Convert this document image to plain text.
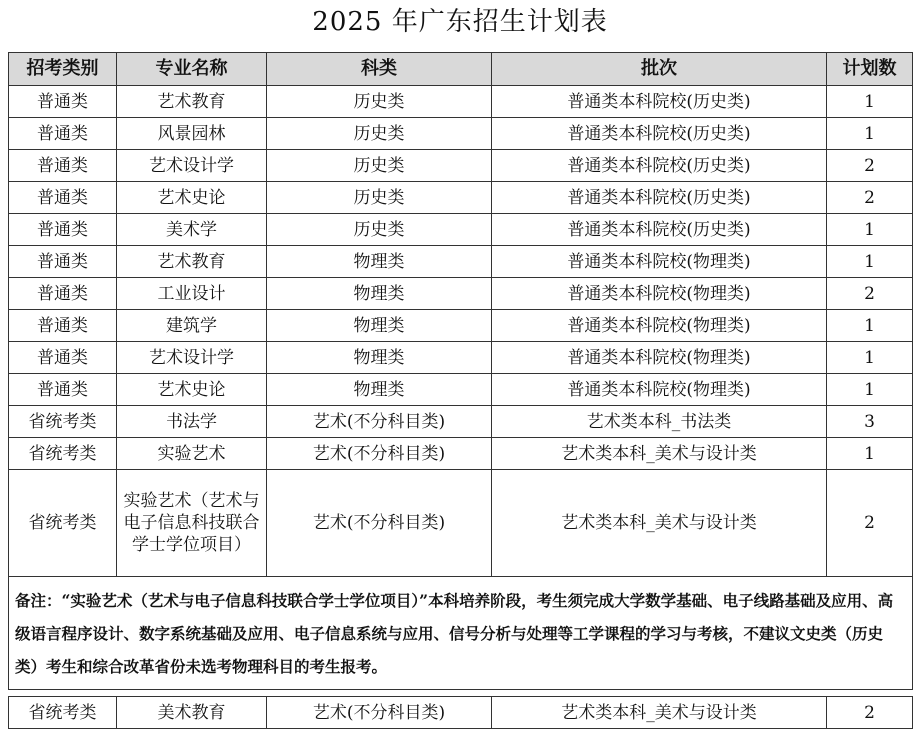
2025 年广东招生计划表
招考类别	专业名称	科类	批次	计划数
普通类	艺术教育	历史类	普通类本科院校(历史类)	1
普通类	风景园林	历史类	普通类本科院校(历史类)	1
普通类	艺术设计学	历史类	普通类本科院校(历史类)	2
普通类	艺术史论	历史类	普通类本科院校(历史类)	2
普通类	美术学	历史类	普通类本科院校(历史类)	1
普通类	艺术教育	物理类	普通类本科院校(物理类)	1
普通类	工业设计	物理类	普通类本科院校(物理类)	2
普通类	建筑学	物理类	普通类本科院校(物理类)	1
普通类	艺术设计学	物理类	普通类本科院校(物理类)	1
普通类	艺术史论	物理类	普通类本科院校(物理类)	1
省统考类	书法学	艺术(不分科目类)	艺术类本科_书法类	3
省统考类	实验艺术	艺术(不分科目类)	艺术类本科_美术与设计类	1
省统考类	实验艺术（艺术与电子信息科技联合学士学位项目）	艺术(不分科目类)	艺术类本科_美术与设计类	2
备注：“实验艺术（艺术与电子信息科技联合学士学位项目）”本科培养阶段，考生须完成大学数学基础、电子线路基础及应用、高级语言程序设计、数字系统基础及应用、电子信息系统与应用、信号分析与处理等工学课程的学习与考核，不建议文史类（历史类）考生和综合改革省份未选考物理科目的考生报考。				

省统考类	美术教育	艺术(不分科目类)	艺术类本科_美术与设计类	2
